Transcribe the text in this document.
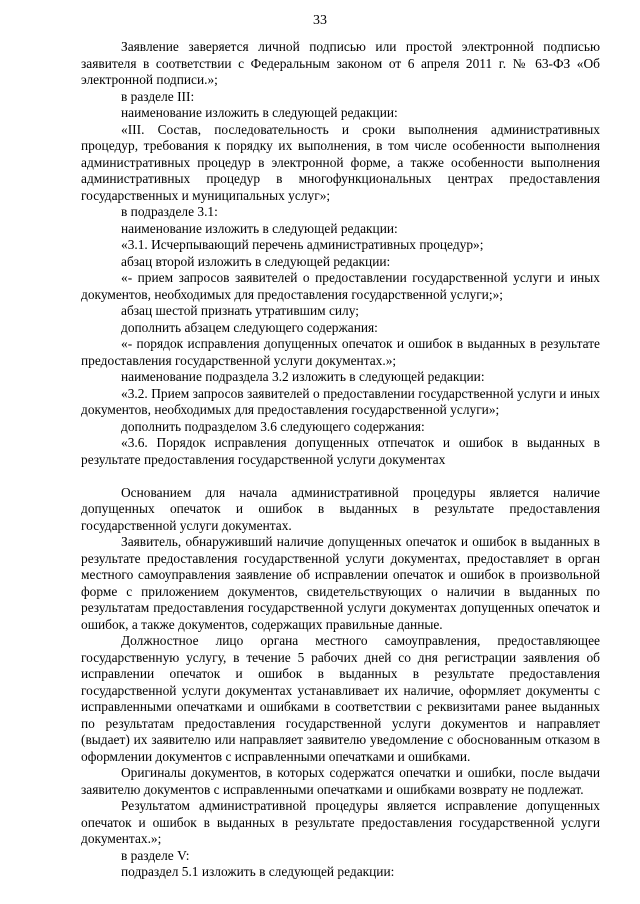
33

Заявление заверяется личной подписью или простой электронной подписью заявителя в соответствии с Федеральным законом от 6 апреля 2011 г. № 63-ФЗ «Об электронной подписи.»;

в разделе III:

наименование изложить в следующей редакции:

«III. Состав, последовательность и сроки выполнения административных процедур, требования к порядку их выполнения, в том числе особенности выполнения административных процедур в электронной форме, а также особенности выполнения административных процедур в многофункциональных центрах предоставления государственных и муниципальных услуг»;

в подразделе 3.1:

наименование изложить в следующей редакции:

«3.1. Исчерпывающий перечень административных процедур»;

абзац второй изложить в следующей редакции:

«- прием запросов заявителей о предоставлении государственной услуги и иных документов, необходимых для предоставления государственной услуги;»;

абзац шестой признать утратившим силу;

дополнить абзацем следующего содержания:

«- порядок исправления допущенных опечаток и ошибок в выданных в результате предоставления государственной услуги документах.»;

наименование подраздела 3.2 изложить в следующей редакции:

«3.2. Прием запросов заявителей о предоставлении государственной услуги и иных документов, необходимых для предоставления государственной услуги»;

дополнить подразделом 3.6 следующего содержания:

«3.6. Порядок исправления допущенных отпечаток и ошибок в выданных в результате предоставления государственной услуги документах

Основанием для начала административной процедуры является наличие допущенных опечаток и ошибок в выданных в результате предоставления государственной услуги документах.

Заявитель, обнаруживший наличие допущенных опечаток и ошибок в выданных в результате предоставления государственной услуги документах, предоставляет в орган местного самоуправления заявление об исправлении опечаток и ошибок в произвольной форме с приложением документов, свидетельствующих о наличии в выданных по результатам предоставления государственной услуги документах допущенных опечаток и ошибок, а также документов, содержащих правильные данные.

Должностное лицо органа местного самоуправления, предоставляющее государственную услугу, в течение 5 рабочих дней со дня регистрации заявления об исправлении опечаток и ошибок в выданных в результате предоставления государственной услуги документах устанавливает их наличие, оформляет документы с исправленными опечатками и ошибками в соответствии с реквизитами ранее выданных по результатам предоставления государственной услуги документов и направляет (выдает) их заявителю или направляет заявителю уведомление с обоснованным отказом в оформлении документов с исправленными опечатками и ошибками.

Оригиналы документов, в которых содержатся опечатки и ошибки, после выдачи заявителю документов с исправленными опечатками и ошибками возврату не подлежат.

Результатом административной процедуры является исправление допущенных опечаток и ошибок в выданных в результате предоставления государственной услуги документах.»;

в разделе V:

подраздел 5.1 изложить в следующей редакции:
